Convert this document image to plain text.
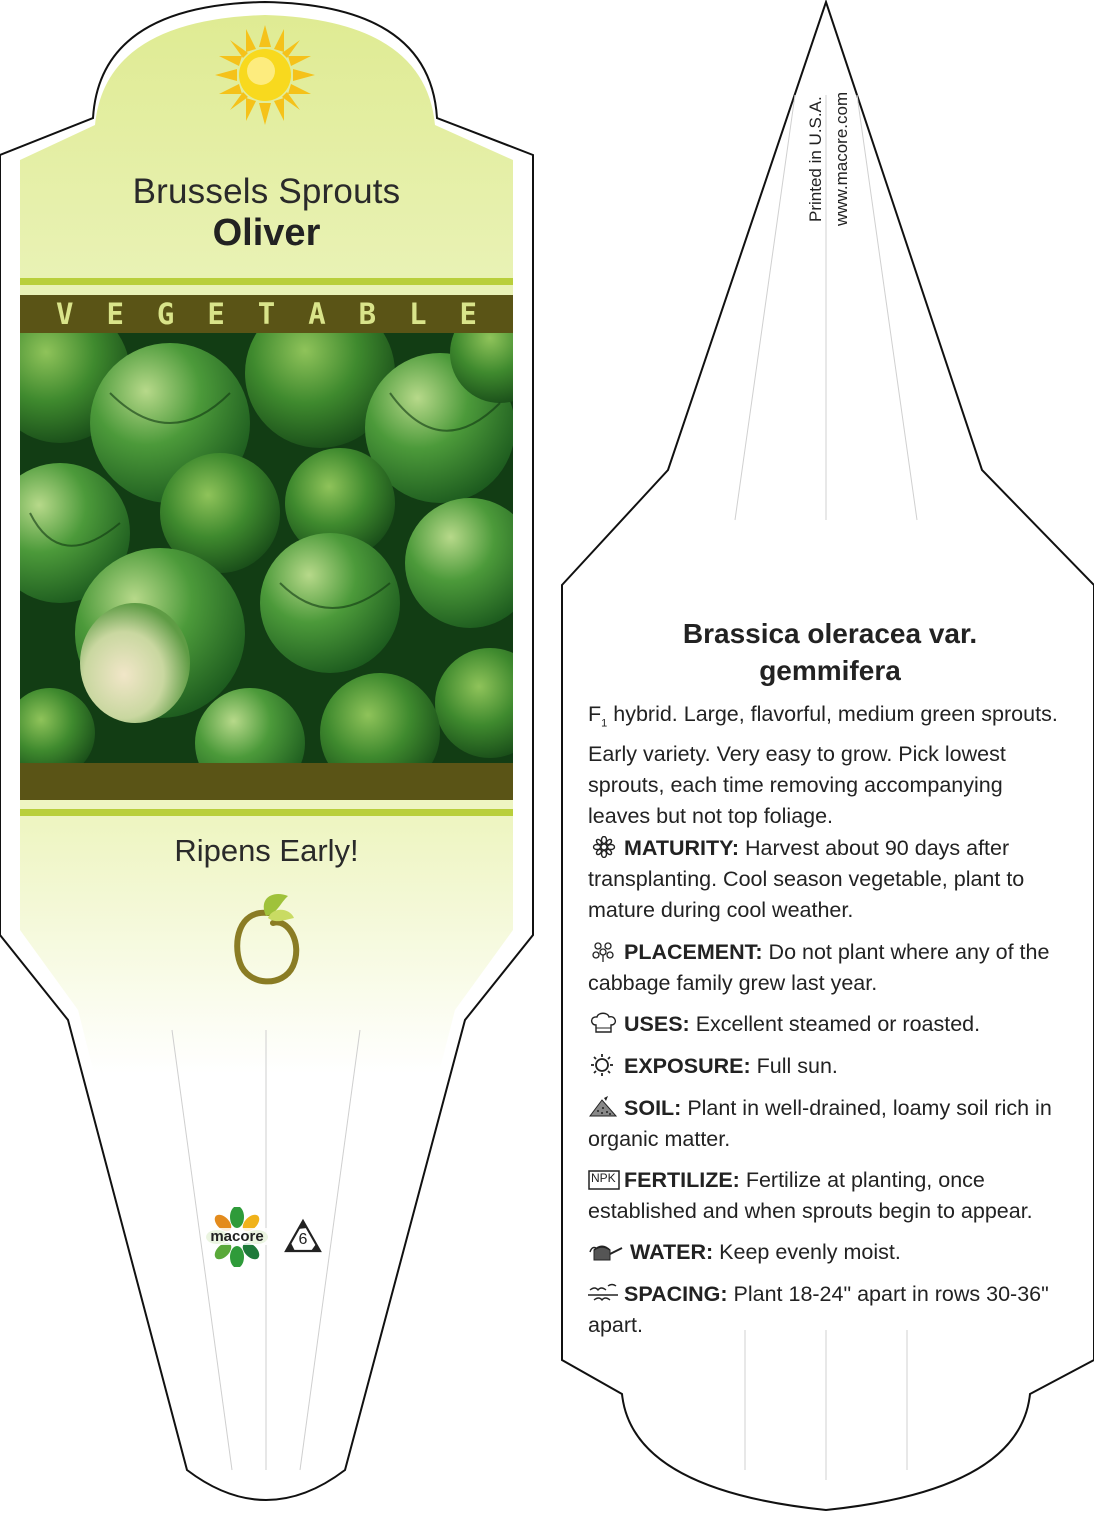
Brussels Sprouts
Oliver
V E G E T A B L E
Ripens Early!
macore	6
Printed in U.S.A. www.macore.com
Brassica oleracea var.
gemmifera

$F_1$ hybrid. Large, flavorful, medium green sprouts. Early variety. Very easy to grow. Pick lowest sprouts, each time removing accompanying leaves but not top foliage.

MATURITY: Harvest about 90 days after transplanting. Cool season vegetable, plant to mature during cool weather.

PLACEMENT: Do not plant where any of the cabbage family grew last year.

USES: Excellent steamed or roasted.

EXPOSURE: Full sun.

SOIL: Plant in well-drained, loamy soil rich in organic matter.

NPK FERTILIZE: Fertilize at planting, once established and when sprouts begin to appear.

WATER: Keep evenly moist.

SPACING: Plant 18-24" apart in rows 30-36" apart.
